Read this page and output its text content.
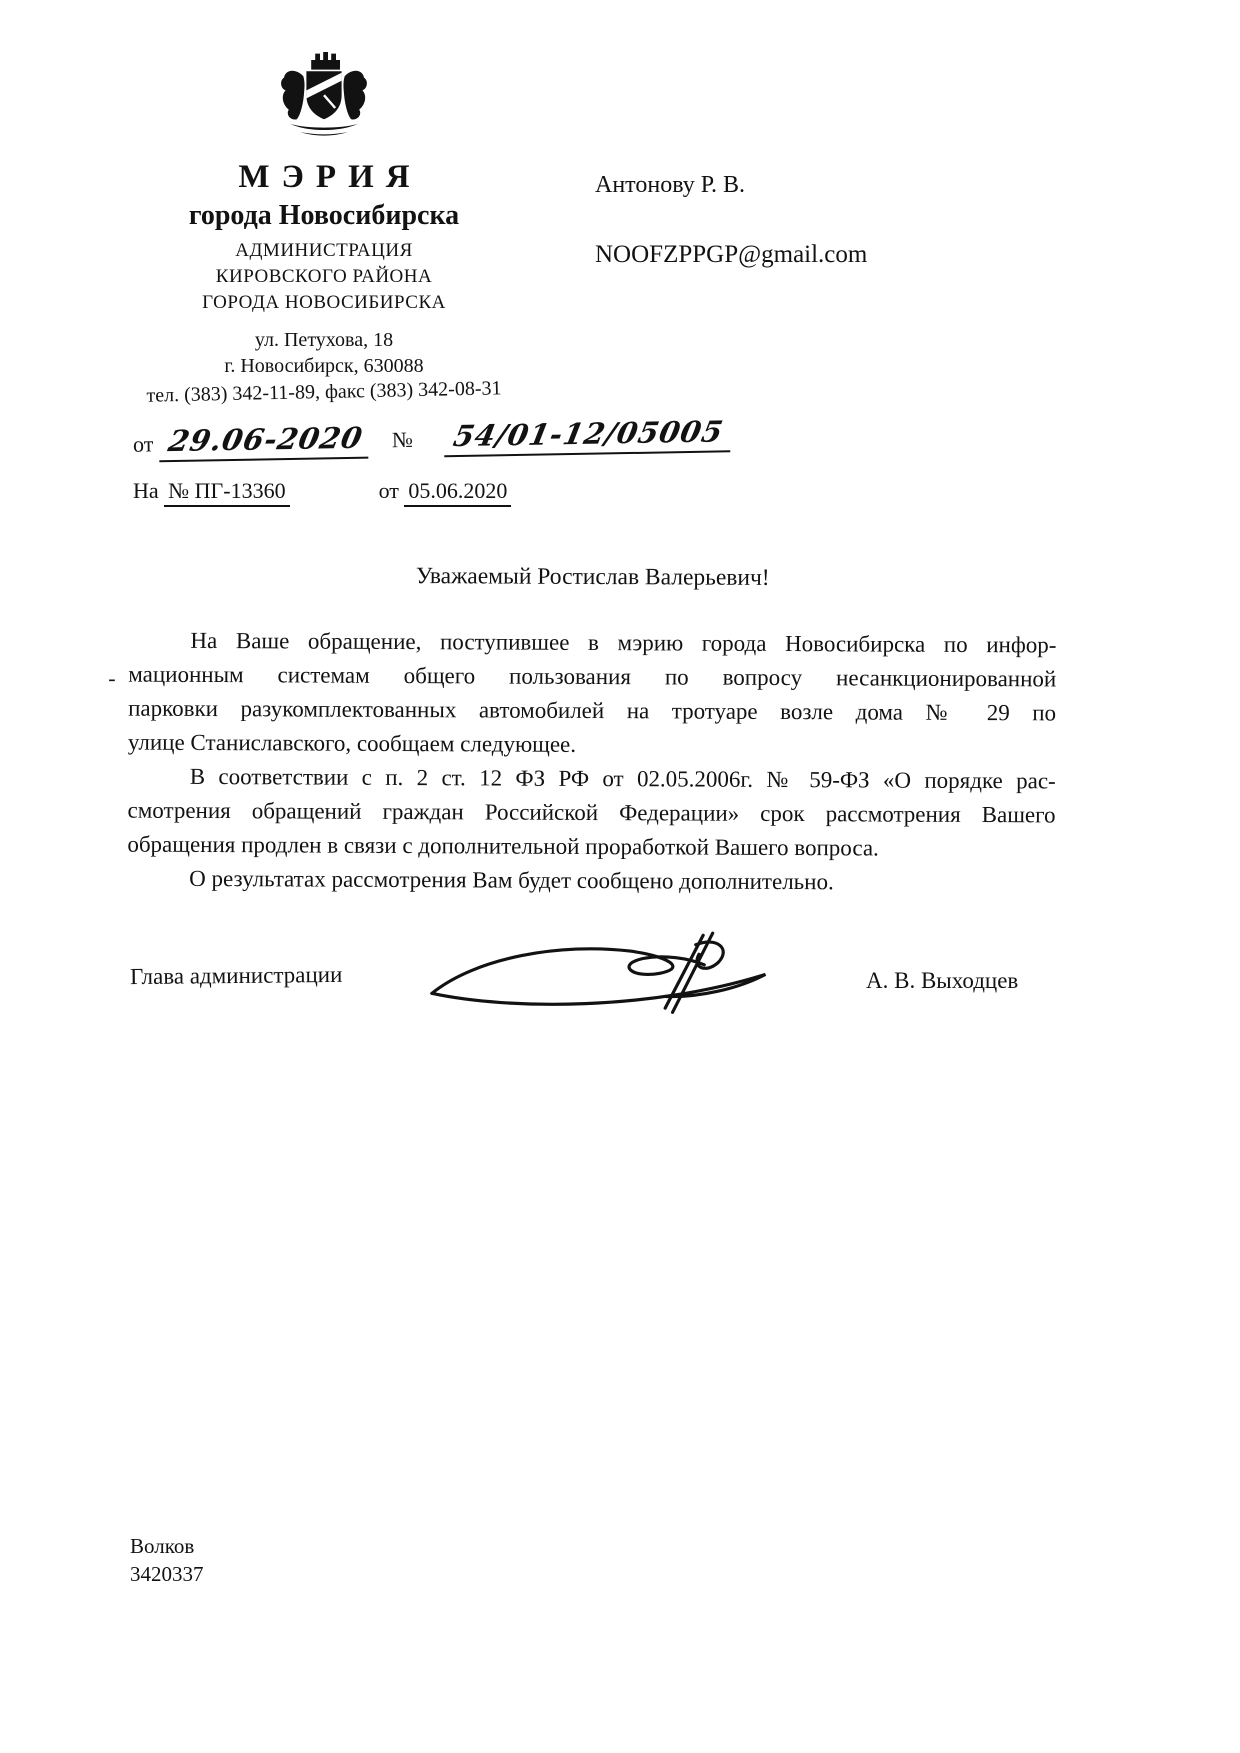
МЭРИЯ
города Новосибирска
АДМИНИСТРАЦИЯ
КИРОВСКОГО РАЙОНА
ГОРОДА НОВОСИБИРСКА
ул. Петухова, 18
г. Новосибирск, 630088
тел. (383) 342-11-89, факс (383) 342-08-31
от 29.06-2020 № 54/01-12/05005
На № ПГ-13360	от 05.06.2020
Антонову Р. В.
NOOFZPPGP@gmail.com
Уважаемый Ростислав Валерьевич!
-
На Ваше обращение, поступившее в мэрию города Новосибирска по инфор-
мационным системам общего пользования по вопросу несанкционированной
парковки разукомплектованных автомобилей на тротуаре возле дома № 29 по
улице Станиславского, сообщаем следующее.
В соответствии с п. 2 ст. 12 ФЗ РФ от 02.05.2006г. № 59-ФЗ «О порядке рас-
смотрения обращений граждан Российской Федерации» срок рассмотрения Вашего
обращения продлен в связи с дополнительной проработкой Вашего вопроса.
О результатах рассмотрения Вам будет сообщено дополнительно.
Глава администрации	А. В. Выходцев
Волков
3420337
